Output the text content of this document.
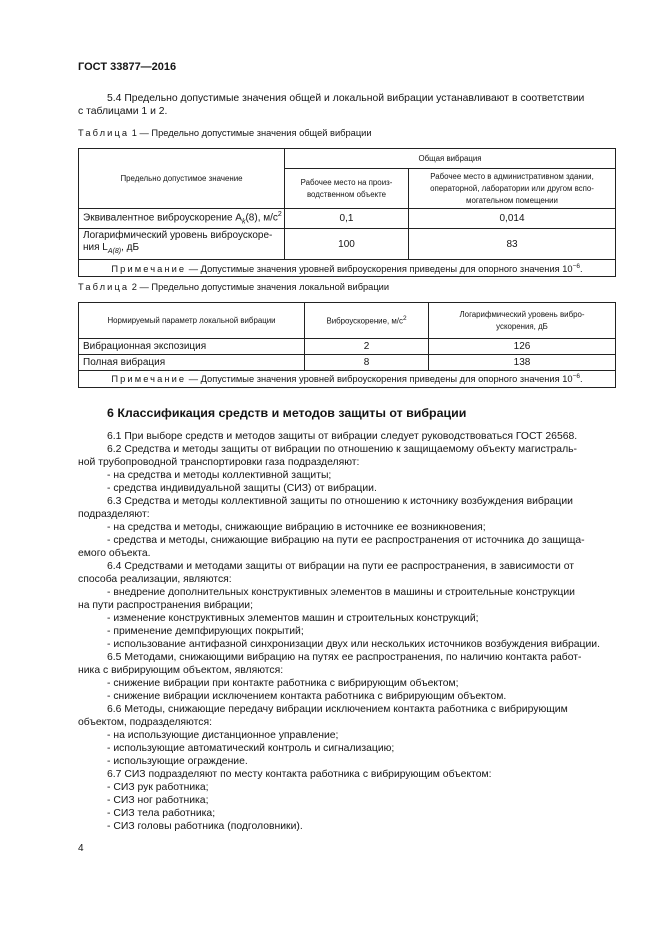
ГОСТ 33877—2016
5.4 Предельно допустимые значения общей и локальной вибрации устанавливают в соответствии
с таблицами 1 и 2.
Таблица 1 — Предельно допустимые значения общей вибрации
Предельно допустимое значение	Общая вибрация	
	Рабочее место на произ-
водственном объекте	Рабочее место в административном здании,
операторной, лаборатории или другом вспо-
могательном помещении
Эквивалентное виброускорение $A_k(8)$, $м/с^2$	0,1	0,014
Логарифмический уровень виброускоре-
ния $L_{A(8)}$, дБ	100	83
Примечание — Допустимые значения уровней виброускорения приведены для опорного значения $10^{-6}$.		
Таблица 2 — Предельно допустимые значения локальной вибрации
Нормируемый параметр локальной вибрации	Виброускорение, $м/с^2$	Логарифмический уровень вибро-
ускорения, дБ
Вибрационная экспозиция	2	126
Полная вибрация	8	138
Примечание — Допустимые значения уровней виброускорения приведены для опорного значения $10^{-6}$.		
6 Классификация средств и методов защиты от вибрации
6.1 При выборе средств и методов защиты от вибрации следует руководствоваться ГОСТ 26568.
6.2 Средства и методы защиты от вибрации по отношению к защищаемому объекту магистраль-
ной трубопроводной транспортировки газа подразделяют:
- на средства и методы коллективной защиты;
- средства индивидуальной защиты (СИЗ) от вибрации.
6.3 Средства и методы коллективной защиты по отношению к источнику возбуждения вибрации
подразделяют:
- на средства и методы, снижающие вибрацию в источнике ее возникновения;
- средства и методы, снижающие вибрацию на пути ее распространения от источника до защища-
емого объекта.
6.4 Средствами и методами защиты от вибрации на пути ее распространения, в зависимости от
способа реализации, являются:
- внедрение дополнительных конструктивных элементов в машины и строительные конструкции
на пути распространения вибрации;
- изменение конструктивных элементов машин и строительных конструкций;
- применение демпфирующих покрытий;
- использование антифазной синхронизации двух или нескольких источников возбуждения вибрации.
6.5 Методами, снижающими вибрацию на путях ее распространения, по наличию контакта работ-
ника с вибрирующим объектом, являются:
- снижение вибрации при контакте работника с вибрирующим объектом;
- снижение вибрации исключением контакта работника с вибрирующим объектом.
6.6 Методы, снижающие передачу вибрации исключением контакта работника с вибрирующим
объектом, подразделяются:
- на использующие дистанционное управление;
- использующие автоматический контроль и сигнализацию;
- использующие ограждение.
6.7 СИЗ подразделяют по месту контакта работника с вибрирующим объектом:
- СИЗ рук работника;
- СИЗ ног работника;
- СИЗ тела работника;
- СИЗ головы работника (подголовники).
4
